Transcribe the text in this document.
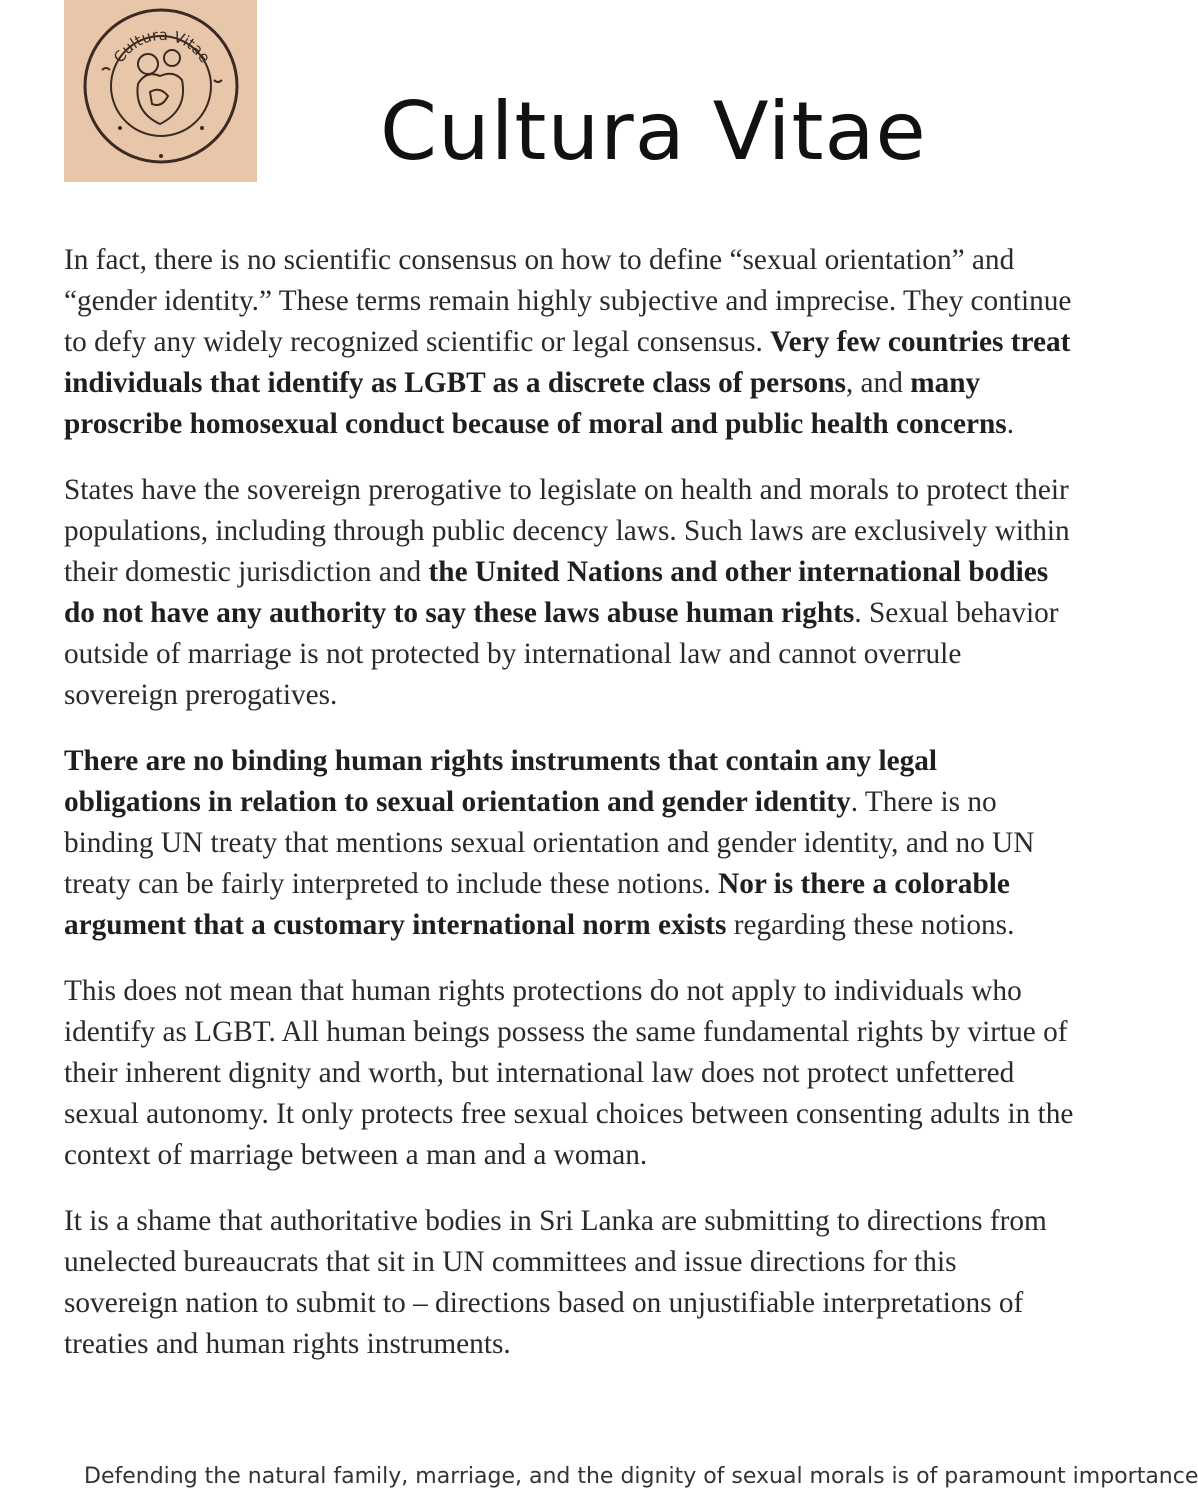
Cultura Vitae
Cultura Vitae

In fact, there is no scientific consensus on how to define “sexual orientation” and “gender identity.” These terms remain highly subjective and imprecise. They continue to defy any widely recognized scientific or legal consensus. Very few countries treat individuals that identify as LGBT as a discrete class of persons, and many proscribe homosexual conduct because of moral and public health concerns.

States have the sovereign prerogative to legislate on health and morals to protect their populations, including through public decency laws. Such laws are exclusively within their domestic jurisdiction and the United Nations and other international bodies do not have any authority to say these laws abuse human rights. Sexual behavior outside of marriage is not protected by international law and cannot overrule sovereign prerogatives.

There are no binding human rights instruments that contain any legal obligations in relation to sexual orientation and gender identity. There is no binding UN treaty that mentions sexual orientation and gender identity, and no UN treaty can be fairly interpreted to include these notions. Nor is there a colorable argument that a customary international norm exists regarding these notions.

This does not mean that human rights protections do not apply to individuals who identify as LGBT. All human beings possess the same fundamental rights by virtue of their inherent dignity and worth, but international law does not protect unfettered sexual autonomy. It only protects free sexual choices between consenting adults in the context of marriage between a man and a woman.

It is a shame that authoritative bodies in Sri Lanka are submitting to directions from unelected bureaucrats that sit in UN committees and issue directions for this sovereign nation to submit to – directions based on unjustifiable interpretations of treaties and human rights instruments.

Defending the natural family, marriage, and the dignity of sexual morals is of paramount importance
